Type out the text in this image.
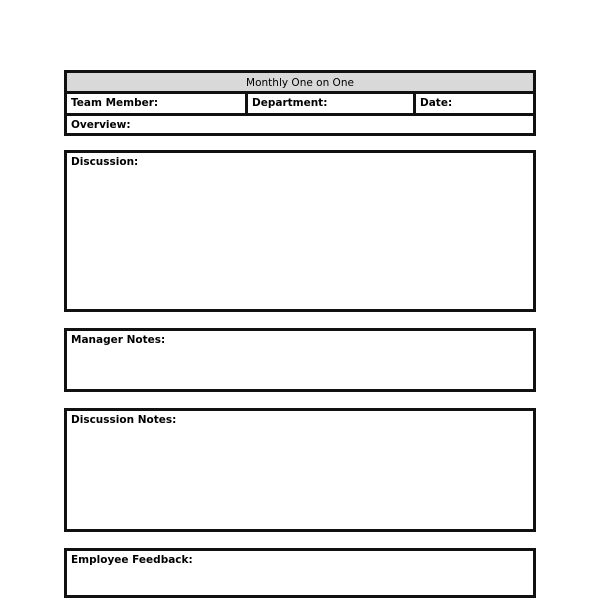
Monthly One on One
Team Member:	Department:	Date:
Overview:
Discussion:
Manager Notes:
Discussion Notes:
Employee Feedback:
